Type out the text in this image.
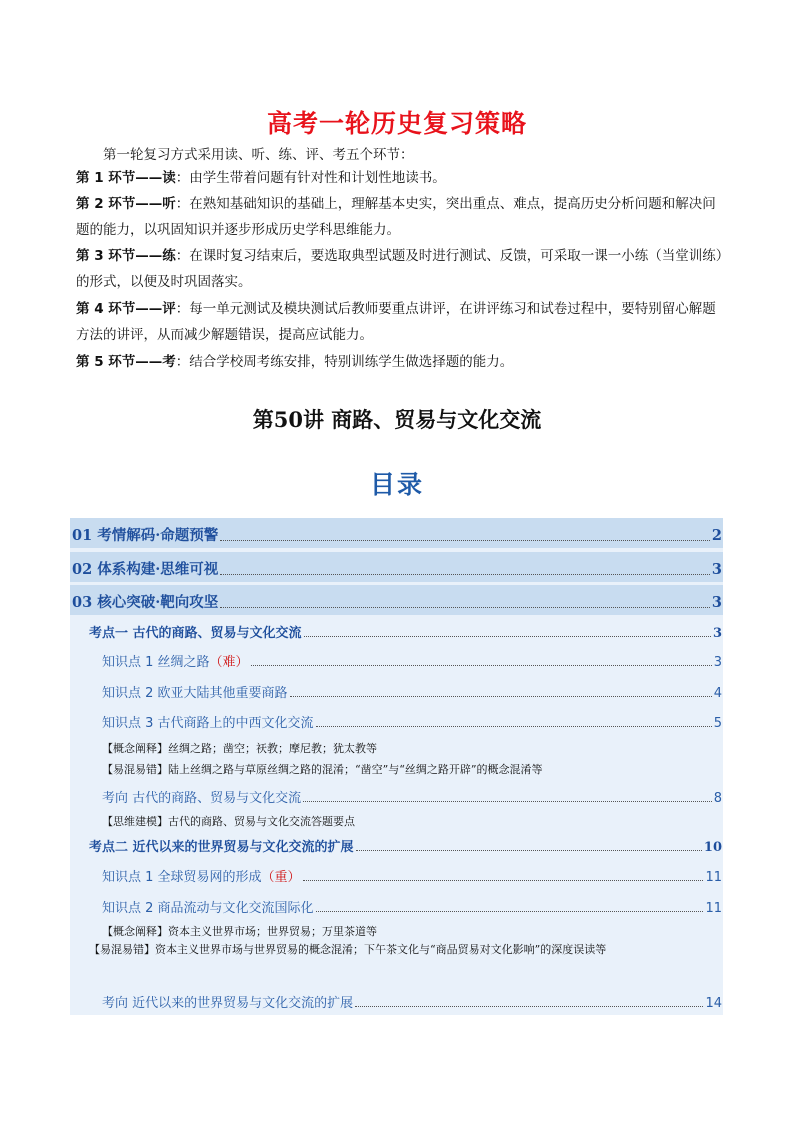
高考一轮历史复习策略
第一轮复习方式采用读、听、练、评、考五个环节：
第 1 环节——读：由学生带着问题有针对性和计划性地读书。
第 2 环节——听：在熟知基础知识的基础上，理解基本史实，突出重点、难点，提高历史分析问题和解决问题的能力，以巩固知识并逐步形成历史学科思维能力。
第 3 环节——练：在课时复习结束后，要选取典型试题及时进行测试、反馈，可采取一课一小练（当堂训练）的形式，以便及时巩固落实。
第 4 环节——评：每一单元测试及模块测试后教师要重点讲评，在讲评练习和试卷过程中，要特别留心解题方法的讲评，从而减少解题错误，提高应试能力。
第 5 环节——考：结合学校周考练安排，特别训练学生做选择题的能力。
第50讲 商路、贸易与文化交流
目录
01 考情解码·命题预警	2
02 体系构建·思维可视	3
03 核心突破·靶向攻坚	3
考点一 古代的商路、贸易与文化交流	3
知识点 1 丝绸之路 （难）	3
知识点 2 欧亚大陆其他重要商路	4
知识点 3 古代商路上的中西文化交流	5
【概念阐释】丝绸之路；凿空；祆教；摩尼教；犹太教等
【易混易错】陆上丝绸之路与草原丝绸之路的混淆；“凿空”与“丝绸之路开辟”的概念混淆等
考向 古代的商路、贸易与文化交流	8
【思维建模】古代的商路、贸易与文化交流答题要点
考点二 近代以来的世界贸易与文化交流的扩展	10
知识点 1 全球贸易网的形成 （重）	11
知识点 2 商品流动与文化交流国际化	11
【概念阐释】资本主义世界市场；世界贸易；万里茶道等
【易混易错】资本主义世界市场与世界贸易的概念混淆；下午茶文化与“商品贸易对文化影响”的深度误读等
考向 近代以来的世界贸易与文化交流的扩展	14
